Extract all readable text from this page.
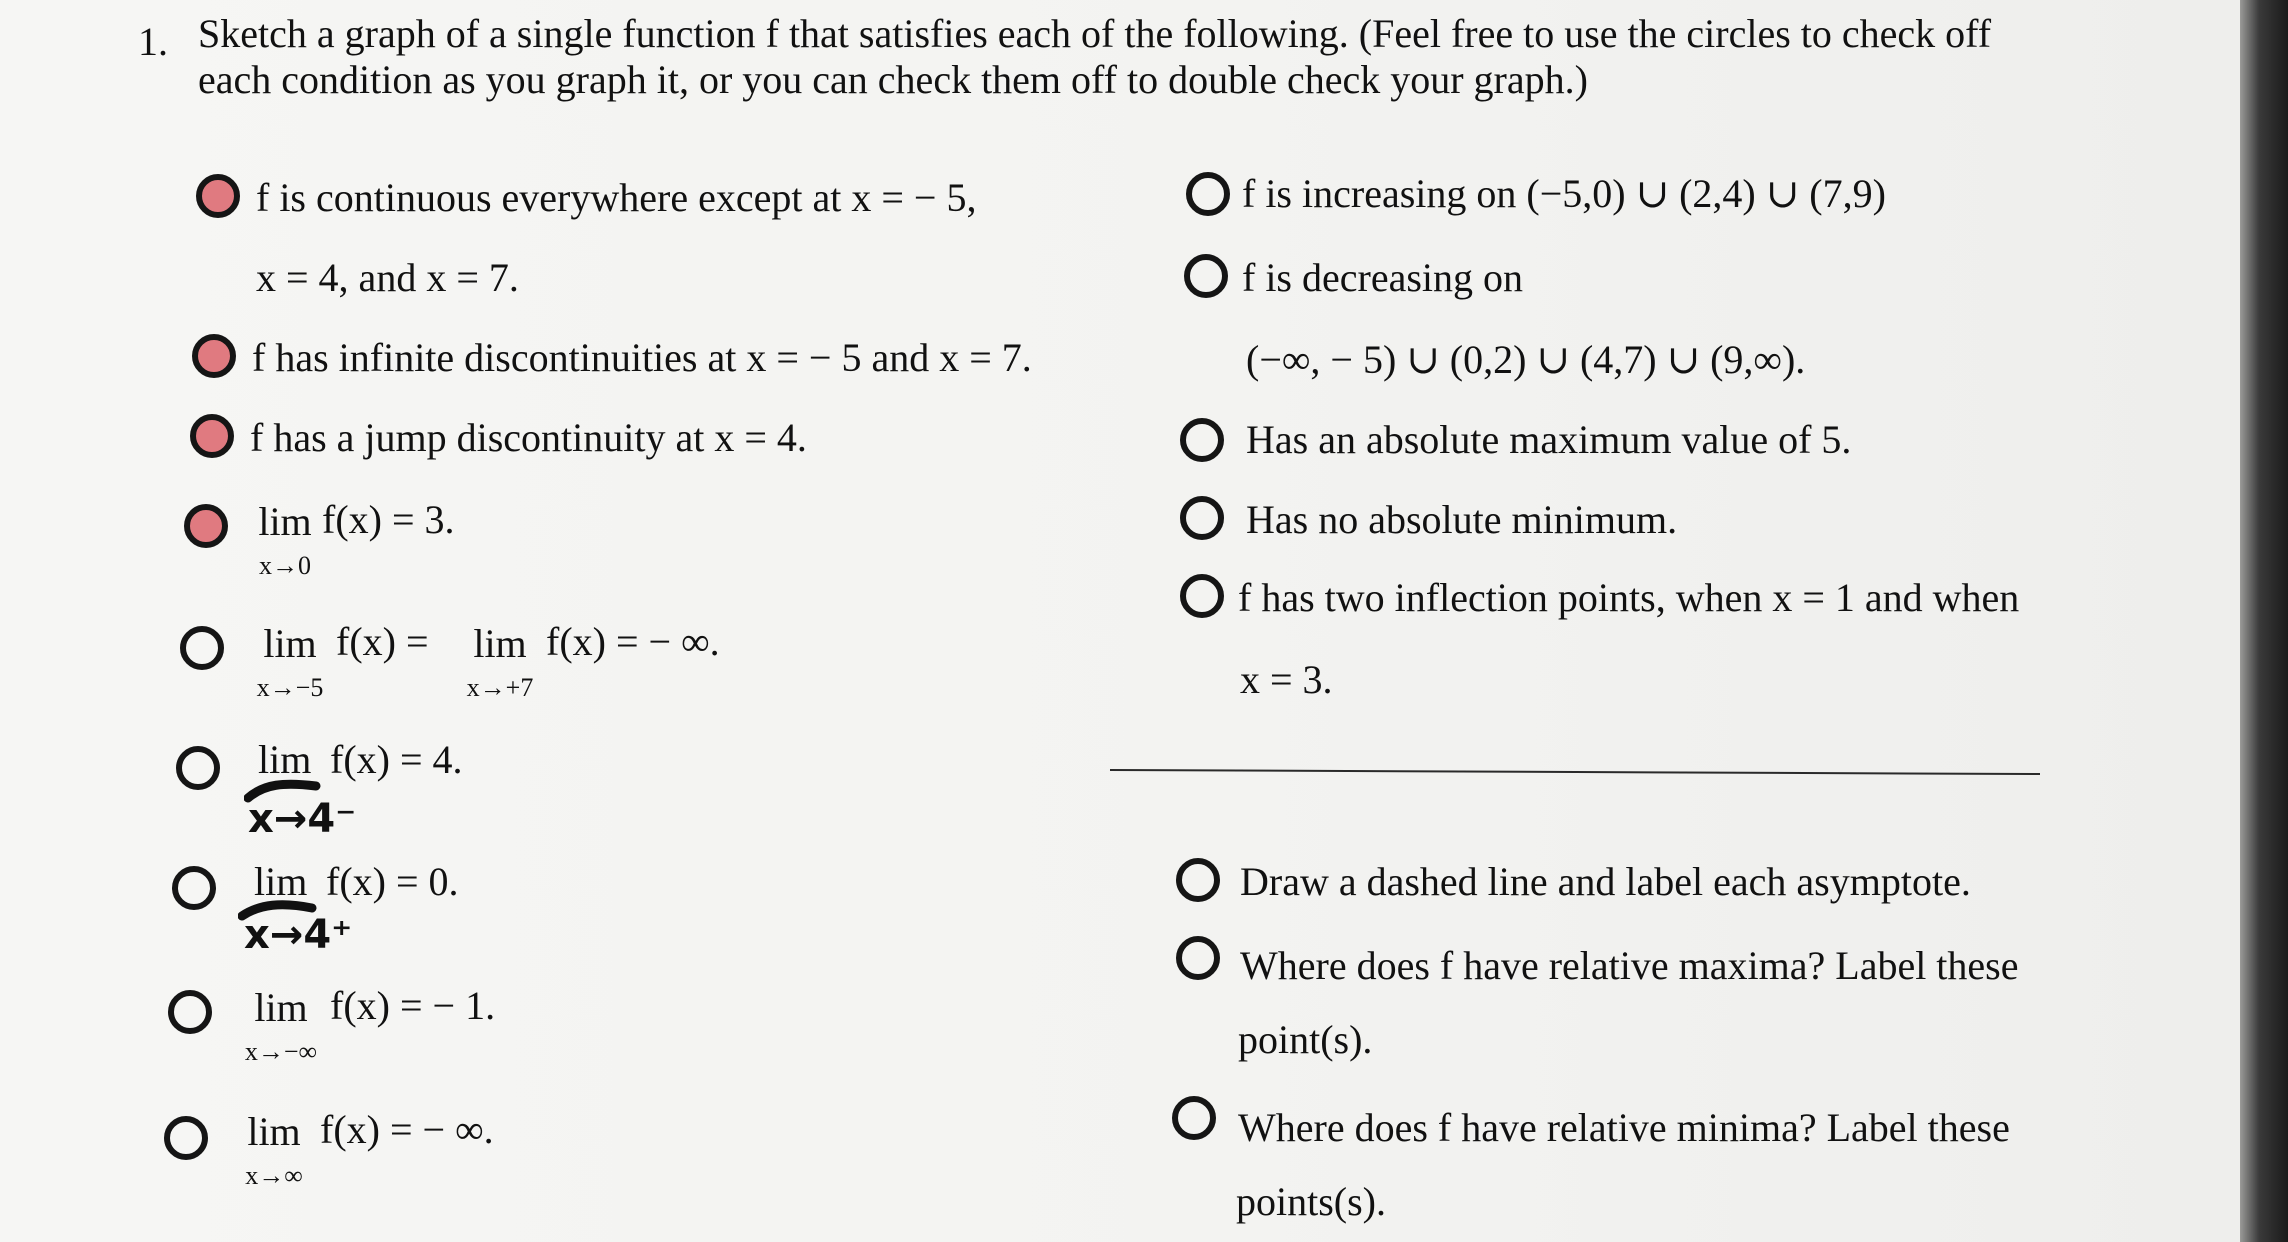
1. Sketch a graph of a single function f that satisfies each of the following. (Feel free to use the circles to check off
each condition as you graph it, or you can check them off to double check your graph.)
f is continuous everywhere except at x = − 5,
x = 4, and x = 7.
f has infinite discontinuities at x = − 5 and x = 7.
f has a jump discontinuity at x = 4.
lim
x→0
f(x) = 3.
lim
x→−5
f(x) =	lim
x→+7
f(x) = − ∞.
lim f(x) = 4.
x→4⁻
lim f(x) = 0.
x→4⁺
lim
x→−∞
f(x) = − 1.
lim
x→∞
f(x) = − ∞.
f is increasing on (−5,0) ∪ (2,4) ∪ (7,9)
f is decreasing on
(−∞, − 5) ∪ (0,2) ∪ (4,7) ∪ (9,∞).
Has an absolute maximum value of 5.
Has no absolute minimum.
f has two inflection points, when x = 1 and when
x = 3.
Draw a dashed line and label each asymptote.
Where does f have relative maxima? Label these
point(s).
Where does f have relative minima? Label these
points(s).
